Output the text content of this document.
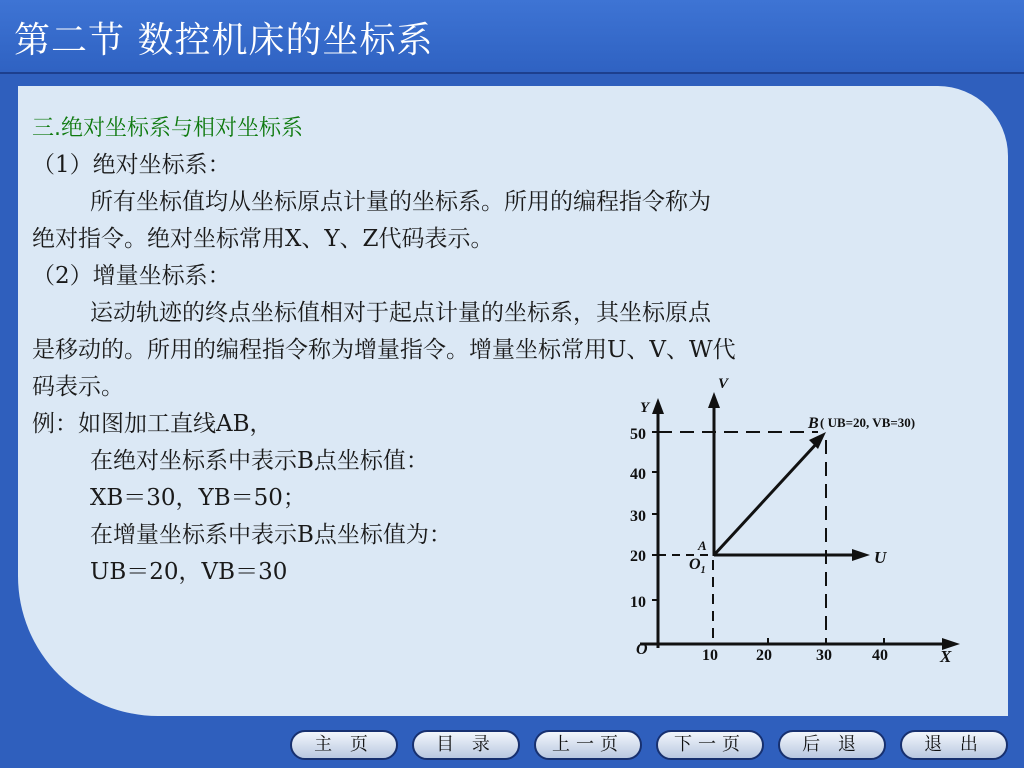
第二节 数控机床的坐标系
三.绝对坐标系与相对坐标系
（1）绝对坐标系：
所有坐标值均从坐标原点计量的坐标系。所用的编程指令称为
绝对指令。绝对坐标常用X、Y、Z代码表示。
（2）增量坐标系：
运动轨迹的终点坐标值相对于起点计量的坐标系，其坐标原点
是移动的。所用的编程指令称为增量指令。增量坐标常用U、V、W代
码表示。
例：如图加工直线AB，
在绝对坐标系中表示B点坐标值：
XB＝30，YB＝50；
在增量坐标系中表示B点坐标值为：
UB＝20，VB＝30
50
40
30
20
10
10 20	30	40
Y
V
X
U
O
A
$O_1$
B ( UB=20, VB=30)
主 页	目 录	上一页	下一页	后 退	退 出
